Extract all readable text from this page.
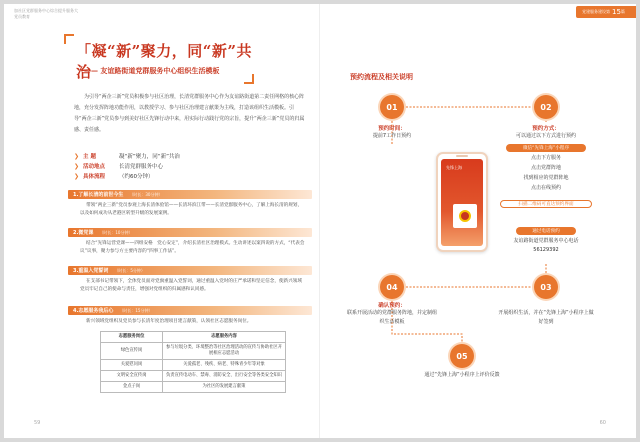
加社区党群服务中心综合提升服务大
党员教育
「凝“新”聚力，同“新”共治
—— 友谊路街道党群服务中心组织生活模板

为引导“两企三新”党员积极参与社区治理，长清党群服务中心作为友谊路街道第二责任网格的核心阵地，充分发挥阵地功能作用，以教授学习、参与社区治理建言献策为主线，打造该组织生活模板。引导“两企三新”党员参与到美好社区先锋行动中来，用实际行动践行党的宗旨，提升“两企三新”党员的归属感、责任感。

❯ 主 题	凝“新”聚力，同“新”共治
❯ 活动地点	长清党群服务中心
❯ 具体流程	（约60分钟）
1.了解长清的前世今生 （时长：30分钟）

带领“两企三新”党员参观上海长清体验馆——长清环滨江带——长清党群服务中心，了解上海长清的规划，以及如何成功从老港区转型升级的发展案例。

2.微党课 （时长：10分钟）

结合“先锋运营党课——四组安格　党心安定”，介绍长清社区治理模式。生动讲述以案四说的方式，“代表会议”议事，聚力参与方主要内容的“四事工作法”。

3.重温入党誓词 （时长：5分钟）

在支部书记带领下，全体党员面对党旗重温入党誓词，通过重温入党时的庄严承诺和坚定信念，使新兴领域党员牢记自己的使命与责任，增强对党组织的归属感和认同感。

4.志愿服务我后心 （时长：15分钟）

新兴领域党组织及党员参与长清年度治理项目建言献策，认领社区志愿服务岗位。

志愿服务岗位	志愿服务内容
绿色宣传岗	参与垃圾分类、环境整治等社区治理活动的宣传与协助社区开展相应志愿活动
关爱慰问岗	关爱孤老、残疾、病老、特殊青少年等对象
文明安全宣传岗	负责宣传电动车、禁毒、消防安全、出行安全等各类安全知识
金点子岗	为社区的发展建言献策
59
党建服务建设第 15 篇
预约流程及相关说明
01	02
04	03
05
预约时间：
提前7工作日预约
预约方式：
可以通过以下方式进行预约
微信“先锋上海”小程序
点击下方服务
点击党群阵地
找到相应的党群阵地
点击在线预约
扫描二维码可直达预约界面
通过电话预约
友谊路街道党群服务中心电话
56129392
先锋上海
确认预约：
联系开展活动的党群服务阵地，并定制组织生活模板
开展组织生活，并在“先锋上海”小程序上做好签到
通过“先锋上海”小程序上评价反馈
60
